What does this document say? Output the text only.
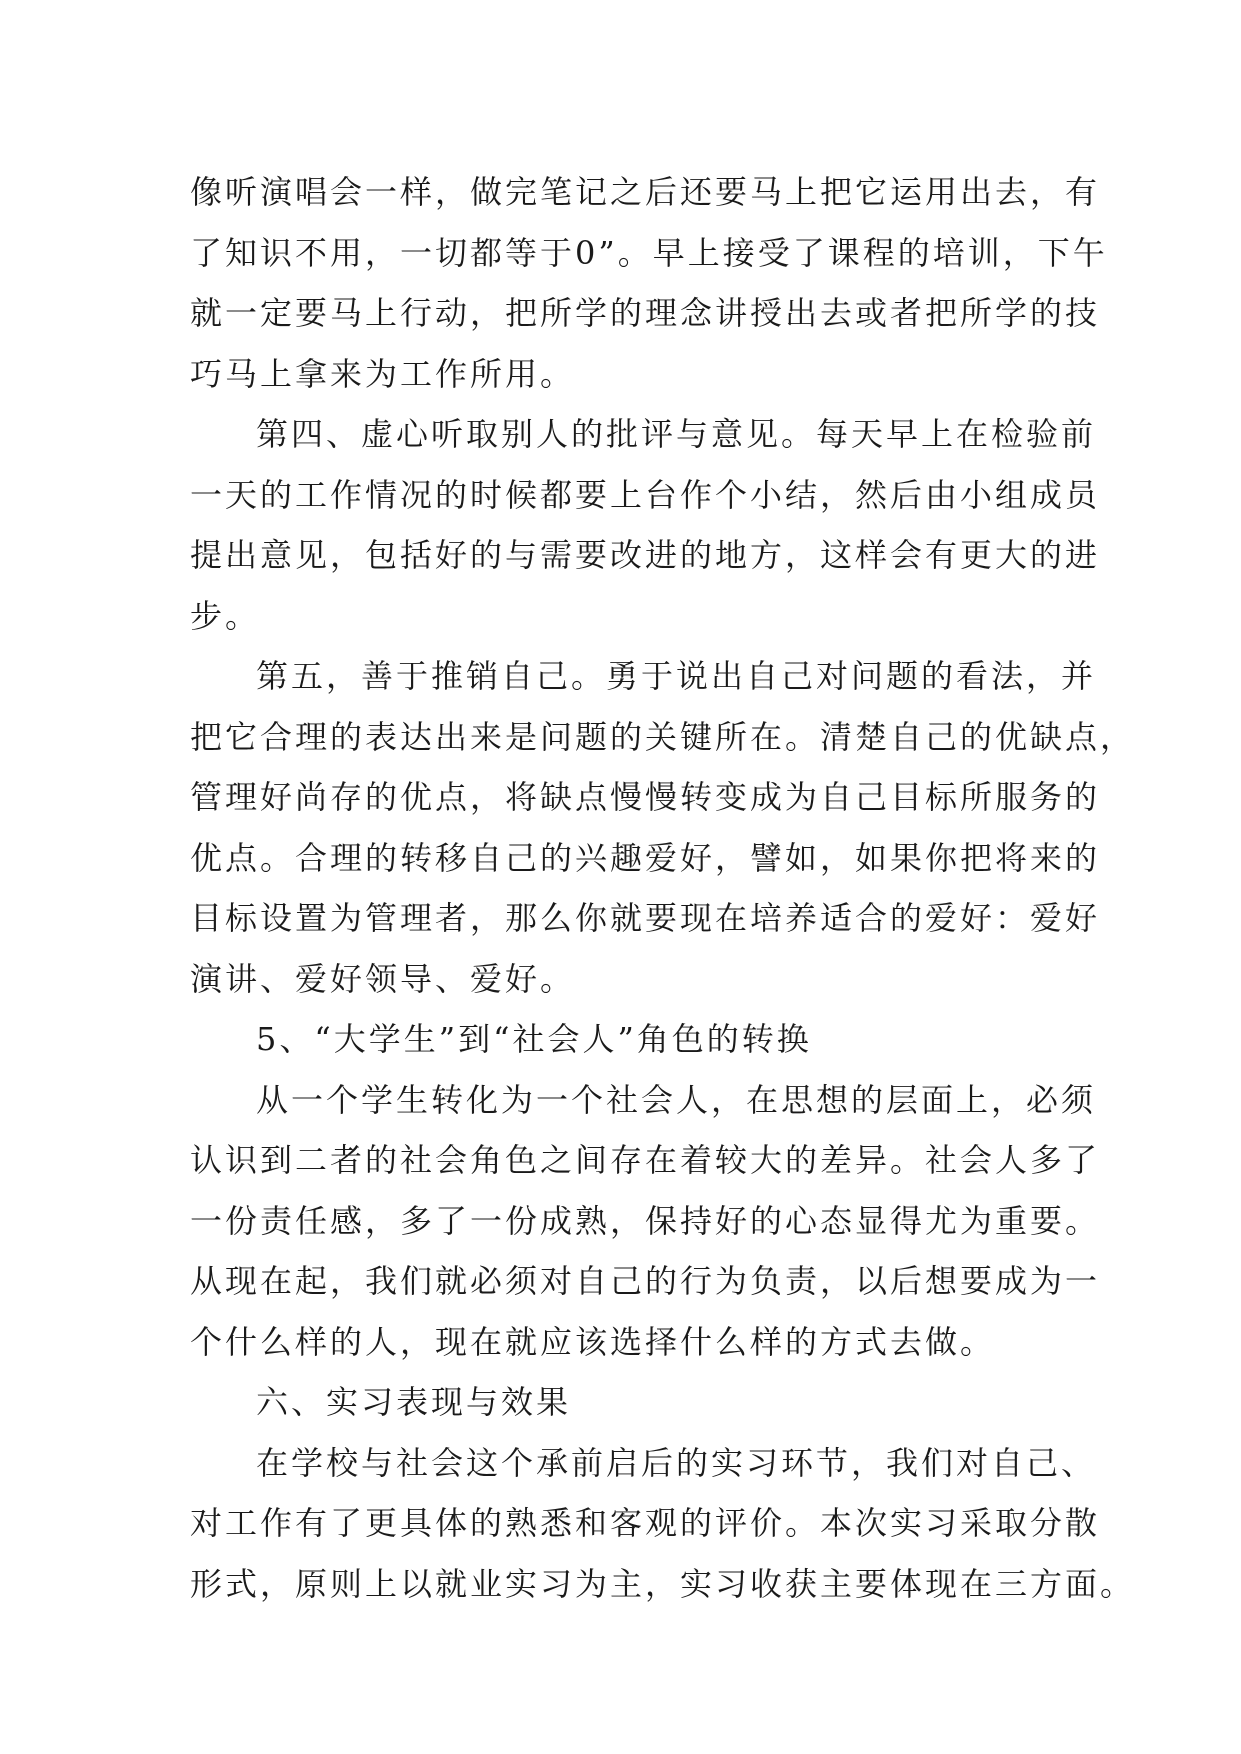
像听演唱会一样，做完笔记之后还要马上把它运用出去，有
了知识不用，一切都等于0”。早上接受了课程的培训，下午
就一定要马上行动，把所学的理念讲授出去或者把所学的技
巧马上拿来为工作所用。
第四、虚心听取别人的批评与意见。每天早上在检验前
一天的工作情况的时候都要上台作个小结，然后由小组成员
提出意见，包括好的与需要改进的地方，这样会有更大的进
步。
第五，善于推销自己。勇于说出自己对问题的看法，并
把它合理的表达出来是问题的关键所在。清楚自己的优缺点，
管理好尚存的优点，将缺点慢慢转变成为自己目标所服务的
优点。合理的转移自己的兴趣爱好，譬如，如果你把将来的
目标设置为管理者，那么你就要现在培养适合的爱好：爱好
演讲、爱好领导、爱好。
5、“大学生”到“社会人”角色的转换
从一个学生转化为一个社会人，在思想的层面上，必须
认识到二者的社会角色之间存在着较大的差异。社会人多了
一份责任感，多了一份成熟，保持好的心态显得尤为重要。
从现在起，我们就必须对自己的行为负责，以后想要成为一
个什么样的人，现在就应该选择什么样的方式去做。
六、实习表现与效果
在学校与社会这个承前启后的实习环节，我们对自己、
对工作有了更具体的熟悉和客观的评价。本次实习采取分散
形式，原则上以就业实习为主，实习收获主要体现在三方面。
